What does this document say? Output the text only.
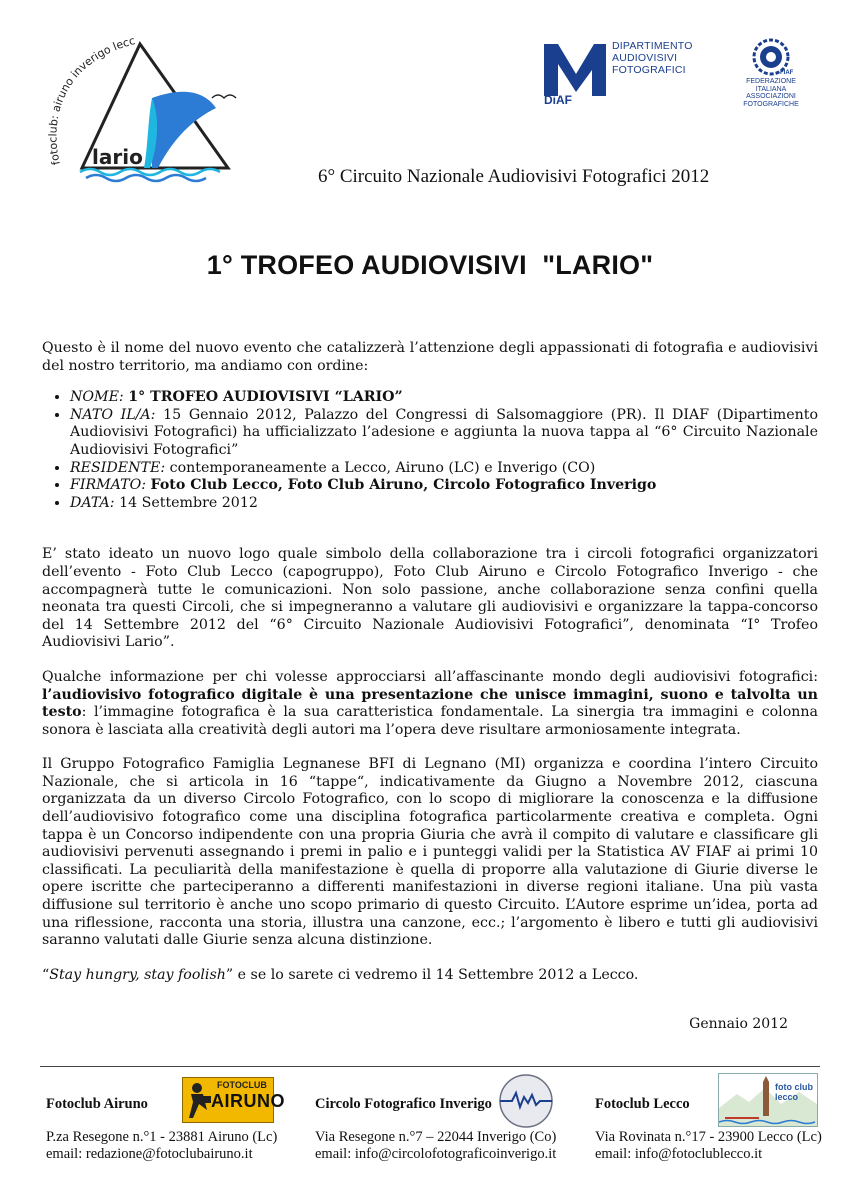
fotoclub: airuno inverigo lecc
lario
DiAF
DIPARTIMENTO
AUDIOVISIVI
FOTOGRAFICI	FIAF
FEDERAZIONE
ITALIANA
ASSOCIAZIONI
FOTOGRAFICHE
6° Circuito Nazionale Audiovisivi Fotografici 2012
1° TROFEO AUDIOVISIVI  "LARIO"

Questo è il nome del nuovo evento che catalizzerà l’attenzione degli appassionati di fotografia e audiovisivi del nostro territorio, ma andiamo con ordine:

• NOME: 1° TROFEO AUDIOVISIVI “LARIO”
• NATO IL/A: 15 Gennaio 2012, Palazzo del Congressi di Salsomaggiore (PR). Il DIAF (Dipartimento Audiovisivi Fotografici) ha ufficializzato l’adesione e aggiunta la nuova tappa al “6° Circuito Nazionale Audiovisivi Fotografici”
• RESIDENTE: contemporaneamente a Lecco, Airuno (LC) e Inverigo (CO)
• FIRMATO: Foto Club Lecco, Foto Club Airuno, Circolo Fotografico Inverigo
• DATA: 14 Settembre 2012

E’ stato ideato un nuovo logo quale simbolo della collaborazione tra i circoli fotografici organizzatori dell’evento - Foto Club Lecco (capogruppo), Foto Club Airuno e Circolo Fotografico Inverigo - che accompagnerà tutte le comunicazioni. Non solo passione, anche collaborazione senza confini quella neonata tra questi Circoli, che si impegneranno a valutare gli audiovisivi e organizzare la tappa-concorso del 14 Settembre 2012 del “6° Circuito Nazionale Audiovisivi Fotografici”, denominata “I° Trofeo Audiovisivi Lario”.

Qualche informazione per chi volesse approcciarsi all’affascinante mondo degli audiovisivi fotografici: l’audiovisivo fotografico digitale è una presentazione che unisce immagini, suono e talvolta un testo: l’immagine fotografica è la sua caratteristica fondamentale. La sinergia tra immagini e colonna sonora è lasciata alla creatività degli autori ma l’opera deve risultare armoniosamente integrata.

Il Gruppo Fotografico Famiglia Legnanese BFI di Legnano (MI) organizza e coordina l’intero Circuito Nazionale, che si articola in 16 “tappe“, indicativamente da Giugno a Novembre 2012, ciascuna organizzata da un diverso Circolo Fotografico, con lo scopo di migliorare la conoscenza e la diffusione dell’audiovisivo fotografico come una disciplina fotografica particolarmente creativa e completa. Ogni tappa è un Concorso indipendente con una propria Giuria che avrà il compito di valutare e classificare gli audiovisivi pervenuti assegnando i premi in palio e i punteggi validi per la Statistica AV FIAF ai primi 10 classificati. La peculiarità della manifestazione è quella di proporre alla valutazione di Giurie diverse le opere iscritte che parteciperanno a differenti manifestazioni in diverse regioni italiane. Una più vasta diffusione sul territorio è anche uno scopo primario di questo Circuito. L’Autore esprime un’idea, porta ad una riflessione, racconta una storia, illustra una canzone, ecc.; l’argomento è libero e tutti gli audiovisivi saranno valutati dalle Giurie senza alcuna distinzione.

“Stay hungry, stay foolish” e se lo sarete ci vedremo il 14 Settembre 2012 a Lecco.

Gennaio 2012
Fotoclub Airuno
FOTOCLUB
AIRUNO
P.za Resegone n.°1 - 23881 Airuno (Lc)
email: redazione@fotoclubairuno.it
Circolo Fotografico Inverigo
Via Resegone n.°7 – 22044 Inverigo (Co)
email: info@circolofotograficoinverigo.it
Fotoclub Lecco
foto club lecco
Via Rovinata n.°17 - 23900 Lecco (Lc)
email: info@fotoclublecco.it
